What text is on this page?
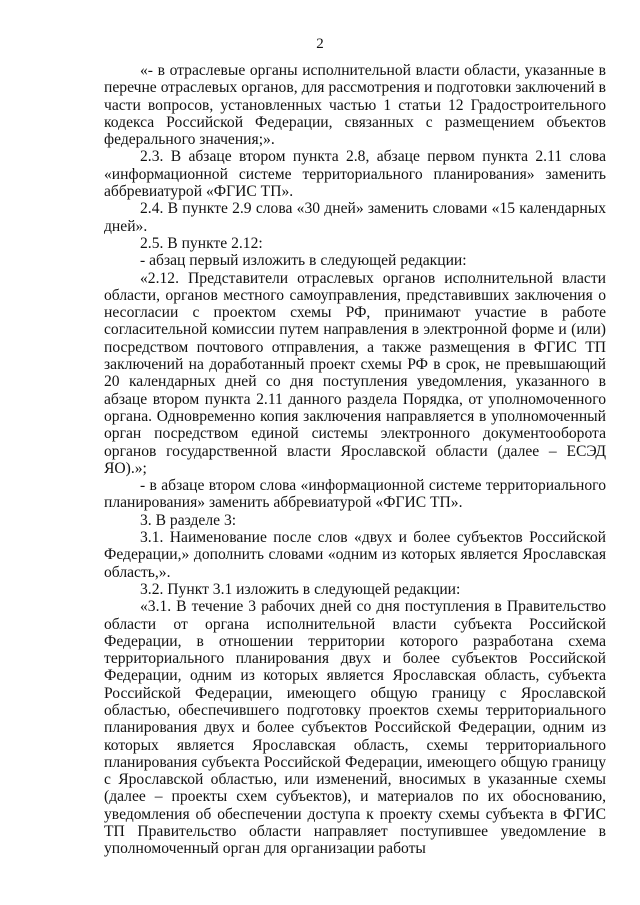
2

«- в отраслевые органы исполнительной власти области, указанные в перечне отраслевых органов, для рассмотрения и подготовки заключений в части вопросов, установленных частью 1 статьи 12 Градостроительного кодекса Российской Федерации, связанных с размещением объектов федерального значения;».

2.3. В абзаце втором пункта 2.8, абзаце первом пункта 2.11 слова «информационной системе территориального планирования» заменить аббревиатурой «ФГИС ТП».

2.4. В пункте 2.9 слова «30 дней» заменить словами «15 календарных дней».

2.5. В пункте 2.12:

- абзац первый изложить в следующей редакции:

«2.12. Представители отраслевых органов исполнительной власти области, органов местного самоуправления, представивших заключения о несогласии с проектом схемы РФ, принимают участие в работе согласительной комиссии путем направления в электронной форме и (или) посредством почтового отправления, а также размещения в ФГИС ТП заключений на доработанный проект схемы РФ в срок, не превышающий 20 календарных дней со дня поступления уведомления, указанного в абзаце втором пункта 2.11 данного раздела Порядка, от уполномоченного органа. Одновременно копия заключения направляется в уполномоченный орган посредством единой системы электронного документооборота органов государственной власти Ярославской области (далее – ЕСЭД ЯО).»;

- в абзаце втором слова «информационной системе территориального планирования» заменить аббревиатурой «ФГИС ТП».

3. В разделе 3:

3.1. Наименование после слов «двух и более субъектов Российской Федерации,» дополнить словами «одним из которых является Ярославская область,».

3.2. Пункт 3.1 изложить в следующей редакции:

«3.1. В течение 3 рабочих дней со дня поступления в Правительство области от органа исполнительной власти субъекта Российской Федерации, в отношении территории которого разработана схема территориального планирования двух и более субъектов Российской Федерации, одним из которых является Ярославская область, субъекта Российской Федерации, имеющего общую границу с Ярославской областью, обеспечившего подготовку проектов схемы территориального планирования двух и более субъектов Российской Федерации, одним из которых является Ярославская область, схемы территориального планирования субъекта Российской Федерации, имеющего общую границу с Ярославской областью, или изменений, вносимых в указанные схемы (далее – проекты схем субъектов), и материалов по их обоснованию, уведомления об обеспечении доступа к проекту схемы субъекта в ФГИС ТП Правительство области направляет поступившее уведомление в уполномоченный орган для организации работы
